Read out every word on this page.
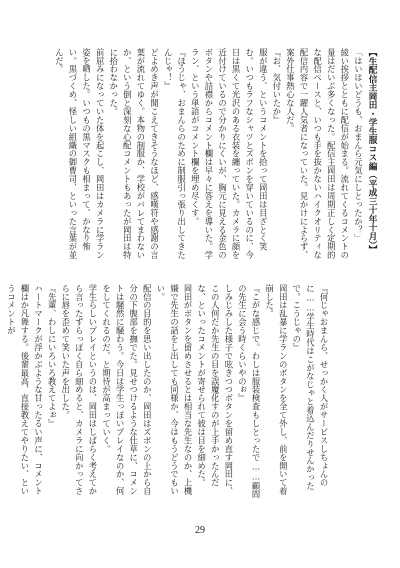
【生配信主岡田・学生服コス編（平成三十年十月）】
「はいはいどうも、おまんら元気にしとったか？」
綾い挨拶とともに配信が始まる。流れてくるコメントの量はだいぶ多くなった。配信主岡田は周期正しく定期的な配信ペースと、いつも手を抜かないハイクオリティな配信内容で一躍人気者になっていた。見かけによらず、案外仕事熱心な人だ。
『お、気付いたか』
服が違う、というコメントを拾って岡田は目ざとく笑む。いつもラフなシャツとズボンを穿いているのに、今日は黒くて光沢のある衣装を纏っていた。カメラに顔を近付けているので分かりにくいが、胸元に見える金色のボタンや詰襟からコメント欄は早々に答えを導いた。学ラン、という単語がコメント欄を埋め尽くす。
『ほうじゃ、おまんらのために制服引っ張り出してきたんじゃ！』
どよめき声が聞こえてきそうなほど、感嘆符や感謝の言葉が流れてゆく。本物の制服か、学校がバレてまわないか、という倒と深刻な心配コメントもあったが岡田は特に拾わなかった。
前屈みになっていた体を起こし、岡田はカメラに学ラン姿を晒した。いつもの黒マスクも相まって、かなり怖い。黒づくめ、怪しい組織の御曹司、といった言葉が並んだ。
『何じゃおまんら、せっかく人がサービスしちょんのに……学生時代はこがなじゃと着込んだりせんかったで。こうじゃの』
岡田は乱暴に学ランのボタンを全て外し、前を開いて着崩した。
『こがな感じで。わしは服装検査もしとったで……顧問の先生に会う時くらいやのぉ』
しみじみした様子で呟きつつボタンを留め直す岡田に、この人何だか先生の目を誤魔化すのが上手かったんだな、といったコメントが寄せられて彼は目を細めた。
岡田がボタンを留めさせるとは相当な先生なのか、上機嫌で先生の話をし出しても同様か、今はもうどうでもいい。
配信の目的を思い出したのか、岡田はズボンの上から自分の下腹部を撫でた。見せつけるような仕草に、コメントは騒然に騒わう。今日は学生っぽいプレイなのか、何をしてくれるのだ、と期待が高まっていく。
学生らしいプレイというのは、岡田はしばらく考えてから言ったずらっぽく自ら細めると、カメラに向かってさらに唇を歪めて笑いた声を出した。
『先輩、わしにいろいろ教えてよぉ』
ハートマークが浮かぶような甘ったるい声に、コメント欄はか凡舞する。後輩最高、直接教えてやりたい、というコメントが
29
